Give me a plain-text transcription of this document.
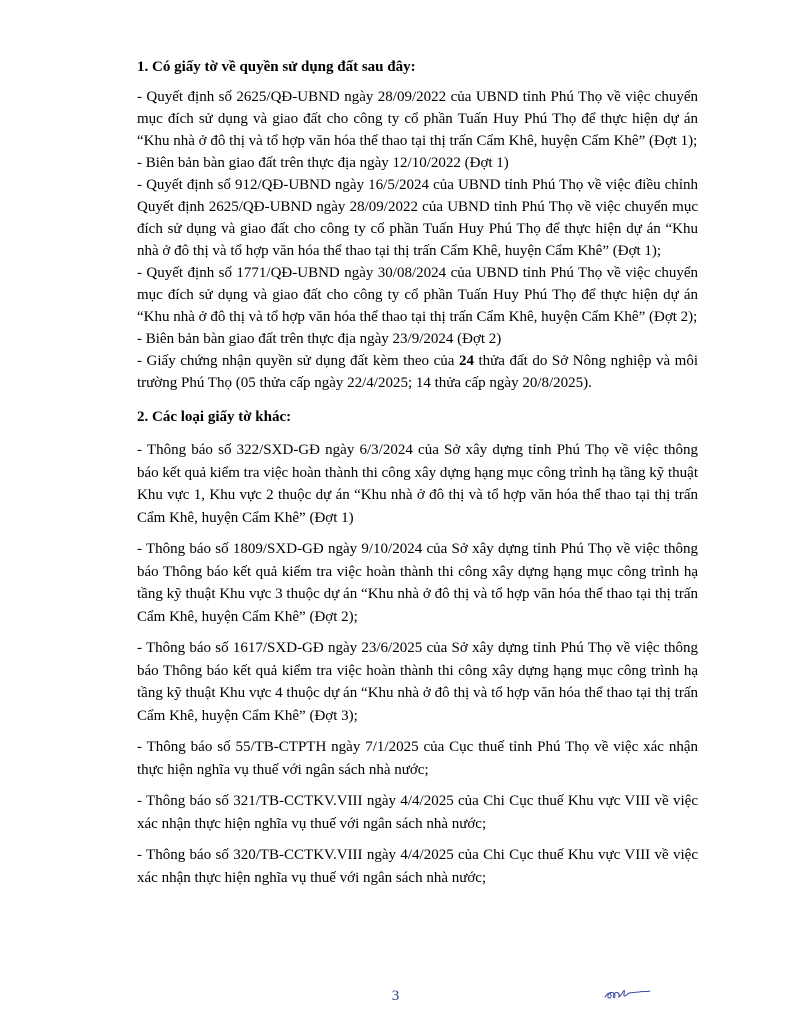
1. Có giấy tờ về quyền sử dụng đất sau đây:

- Quyết định số 2625/QĐ-UBND ngày 28/09/2022 của UBND tỉnh Phú Thọ về việc chuyển mục đích sử dụng và giao đất cho công ty cổ phần Tuấn Huy Phú Thọ để thực hiện dự án “Khu nhà ở đô thị và tổ hợp văn hóa thể thao tại thị trấn Cẩm Khê, huyện Cẩm Khê” (Đợt 1);

- Biên bản bàn giao đất trên thực địa ngày 12/10/2022 (Đợt 1)

- Quyết định số 912/QĐ-UBND ngày 16/5/2024 của UBND tỉnh Phú Thọ về việc điều chỉnh Quyết định 2625/QĐ-UBND ngày 28/09/2022 của UBND tỉnh Phú Thọ về việc chuyển mục đích sử dụng và giao đất cho công ty cổ phần Tuấn Huy Phú Thọ để thực hiện dự án “Khu nhà ở đô thị và tổ hợp văn hóa thể thao tại thị trấn Cẩm Khê, huyện Cẩm Khê” (Đợt 1);

- Quyết định số 1771/QĐ-UBND ngày 30/08/2024 của UBND tỉnh Phú Thọ về việc chuyển mục đích sử dụng và giao đất cho công ty cổ phần Tuấn Huy Phú Thọ để thực hiện dự án “Khu nhà ở đô thị và tổ hợp văn hóa thể thao tại thị trấn Cẩm Khê, huyện Cẩm Khê” (Đợt 2);

- Biên bản bàn giao đất trên thực địa ngày 23/9/2024 (Đợt 2)

- Giấy chứng nhận quyền sử dụng đất kèm theo của 24 thửa đất do Sở Nông nghiệp và môi trường Phú Thọ (05 thửa cấp ngày 22/4/2025; 14 thửa cấp ngày 20/8/2025).

2. Các loại giấy tờ khác:

- Thông báo số 322/SXD-GĐ ngày 6/3/2024 của Sở xây dựng tỉnh Phú Thọ về việc thông báo kết quả kiểm tra việc hoàn thành thi công xây dựng hạng mục công trình hạ tầng kỹ thuật Khu vực 1, Khu vực 2 thuộc dự án “Khu nhà ở đô thị và tổ hợp văn hóa thể thao tại thị trấn Cẩm Khê, huyện Cẩm Khê” (Đợt 1)

- Thông báo số 1809/SXD-GĐ ngày 9/10/2024 của Sở xây dựng tỉnh Phú Thọ về việc thông báo Thông báo kết quả kiểm tra việc hoàn thành thi công xây dựng hạng mục công trình hạ tầng kỹ thuật Khu vực 3 thuộc dự án “Khu nhà ở đô thị và tổ hợp văn hóa thể thao tại thị trấn Cẩm Khê, huyện Cẩm Khê” (Đợt 2);

- Thông báo số 1617/SXD-GĐ ngày 23/6/2025 của Sở xây dựng tỉnh Phú Thọ về việc thông báo Thông báo kết quả kiểm tra việc hoàn thành thi công xây dựng hạng mục công trình hạ tầng kỹ thuật Khu vực 4 thuộc dự án “Khu nhà ở đô thị và tổ hợp văn hóa thể thao tại thị trấn Cẩm Khê, huyện Cẩm Khê” (Đợt 3);

- Thông báo số 55/TB-CTPTH ngày 7/1/2025 của Cục thuế tỉnh Phú Thọ về việc xác nhận thực hiện nghĩa vụ thuế với ngân sách nhà nước;

- Thông báo số 321/TB-CCTKV.VIII ngày 4/4/2025 của Chi Cục thuế Khu vực VIII về việc xác nhận thực hiện nghĩa vụ thuế với ngân sách nhà nước;

- Thông báo số 320/TB-CCTKV.VIII ngày 4/4/2025 của Chi Cục thuế Khu vực VIII về việc xác nhận thực hiện nghĩa vụ thuế với ngân sách nhà nước;

3
